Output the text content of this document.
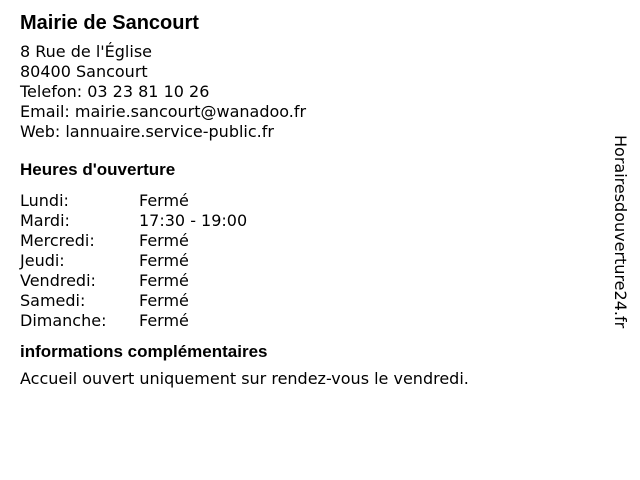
Mairie de Sancourt
8 Rue de l'Église
80400 Sancourt
Telefon: 03 23 81 10 26
Email: mairie.sancourt@wanadoo.fr
Web: lannuaire.service-public.fr
Heures d'ouverture
Lundi:	Fermé
Mardi:	17:30 - 19:00
Mercredi:	Fermé
Jeudi:	Fermé
Vendredi:	Fermé
Samedi:	Fermé
Dimanche:	Fermé
informations complémentaires
Accueil ouvert uniquement sur rendez-vous le vendredi.
Horairesdouverture24.fr
